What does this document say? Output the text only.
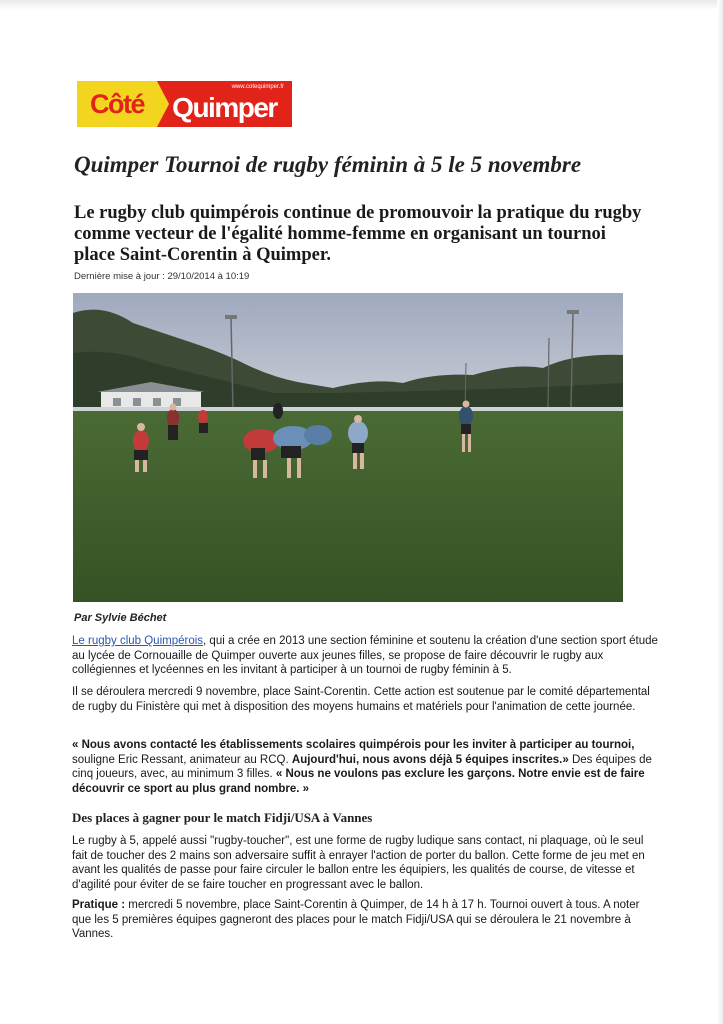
Côté
www.cotequimper.fr
Quimper
Quimper Tournoi de rugby féminin à 5 le 5 novembre

Le rugby club quimpérois continue de promouvoir la pratique du rugby comme vecteur de l'égalité homme-femme en organisant un tournoi place Saint-Corentin à Quimper.

Dernière mise à jour : 29/10/2014 à 10:19
Par Sylvie Béchet
Le rugby club Quimpérois, qui a crée en 2013 une section féminine et soutenu la création d'une section sport étude au lycée de Cornouaille de Quimper ouverte aux jeunes filles, se propose de faire découvrir le rugby aux collégiennes et lycéennes en les invitant à participer à un tournoi de rugby féminin à 5.
Il se déroulera mercredi 9 novembre, place Saint-Corentin. Cette action est soutenue par le comité départemental de rugby du Finistère qui met à disposition des moyens humains et matériels pour l'animation de cette journée.
« Nous avons contacté les établissements scolaires quimpérois pour les inviter à participer au tournoi, souligne Eric Ressant, animateur au RCQ. Aujourd'hui, nous avons déjà 5 équipes inscrites.» Des équipes de cinq joueurs, avec, au minimum 3 filles. « Nous ne voulons pas exclure les garçons. Notre envie est de faire découvrir ce sport au plus grand nombre. »
Des places à gagner pour le match Fidji/USA à Vannes
Le rugby à 5, appelé aussi "rugby-toucher", est une forme de rugby ludique sans contact, ni plaquage, où le seul fait de toucher des 2 mains son adversaire suffit à enrayer l'action de porter du ballon. Cette forme de jeu met en avant les qualités de passe pour faire circuler le ballon entre les équipiers, les qualités de course, de vitesse et d'agilité pour éviter de se faire toucher en progressant avec le ballon.
Pratique : mercredi 5 novembre, place Saint-Corentin à Quimper, de 14 h à 17 h. Tournoi ouvert à tous. A noter que les 5 premières équipes gagneront des places pour le match Fidji/USA qui se déroulera le 21 novembre à Vannes.
